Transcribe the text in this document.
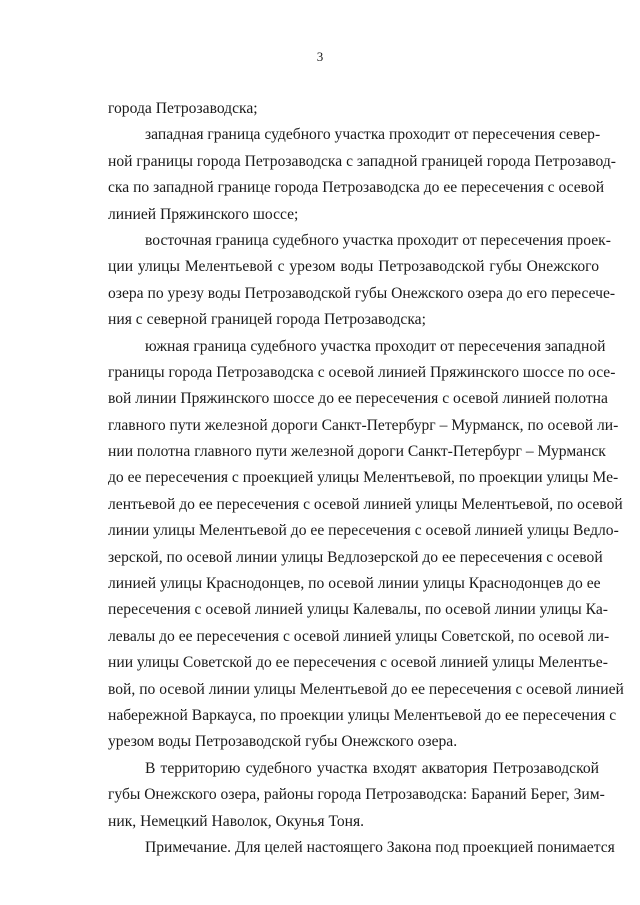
3
города Петрозаводска;
западная граница судебного участка проходит от пересечения север-
ной границы города Петрозаводска с западной границей города Петрозавод-
ска по западной границе города Петрозаводска до ее пересечения с осевой
линией Пряжинского шоссе;
восточная граница судебного участка проходит от пересечения проек-
ции улицы Мелентьевой с урезом воды Петрозаводской губы Онежского
озера по урезу воды Петрозаводской губы Онежского озера до его пересече-
ния с северной границей города Петрозаводска;
южная граница судебного участка проходит от пересечения западной
границы города Петрозаводска с осевой линией Пряжинского шоссе по осе-
вой линии Пряжинского шоссе до ее пересечения с осевой линией полотна
главного пути железной дороги Санкт-Петербург – Мурманск, по осевой ли-
нии полотна главного пути железной дороги Санкт-Петербург – Мурманск
до ее пересечения с проекцией улицы Мелентьевой, по проекции улицы Ме-
лентьевой до ее пересечения с осевой линией улицы Мелентьевой, по осевой
линии улицы Мелентьевой до ее пересечения с осевой линией улицы Ведло-
зерской, по осевой линии улицы Ведлозерской до ее пересечения с осевой
линией улицы Краснодонцев, по осевой линии улицы Краснодонцев до ее
пересечения с осевой линией улицы Калевалы, по осевой линии улицы Ка-
левалы до ее пересечения с осевой линией улицы Советской, по осевой ли-
нии улицы Советской до ее пересечения с осевой линией улицы Мелентье-
вой, по осевой линии улицы Мелентьевой до ее пересечения с осевой линией
набережной Варкауса, по проекции улицы Мелентьевой до ее пересечения с
урезом воды Петрозаводской губы Онежского озера.
В территорию судебного участка входят акватория Петрозаводской
губы Онежского озера, районы города Петрозаводска: Бараний Берег, Зим-
ник, Немецкий Наволок, Окунья Тоня.
Примечание. Для целей настоящего Закона под проекцией понимается
